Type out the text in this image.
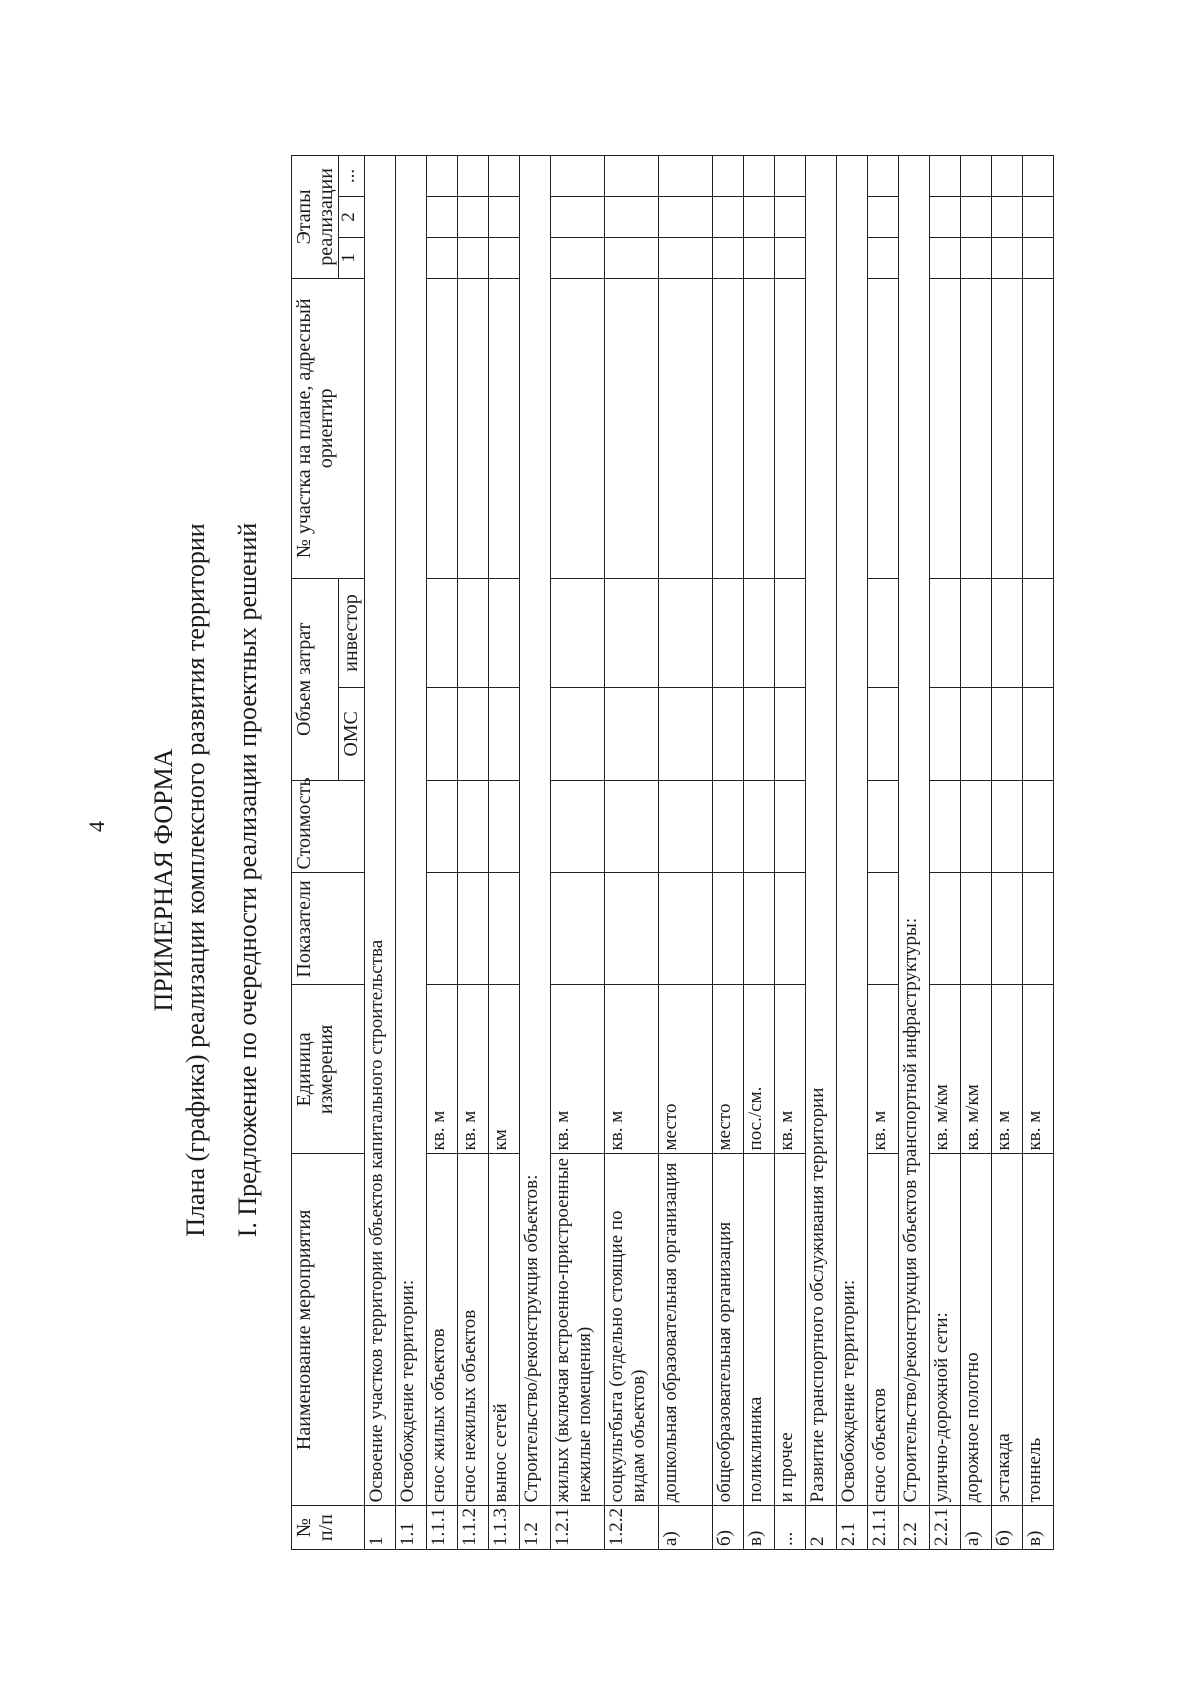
4 ПРИМЕРНАЯ ФОРМА Плана (графика) реализации комплексного развития территории I. Предложение по очередности реализации проектных решений

№ п/п	Наименование мероприятия	Единица измерения	Показатели	Стоимость	Объем затрат		№ участка на плане, адресный ориентир	Этапы реализации		
					ОМС	инвестор		1	2	...
1	Освоение участков территории объектов капитального строительства									
1.1	Освобождение территории:									
1.1.1	снос жилых объектов	кв. м								
1.1.2	снос нежилых объектов	кв. м								
1.1.3	вынос сетей	км								
1.2	Строительство/реконструкция объектов:									
1.2.1	жилых (включая встроенно-пристроенные нежилые помещения)	кв. м								
1.2.2	соцкультбыта (отдельно стоящие по видам объектов)	кв. м								
а)	дошкольная образовательная организация	место								
б)	общеобразовательная организация	место								
в)	поликлиника	пос./см.								
...	и прочее	кв. м								
2	Развитие транспортного обслуживания территории									
2.1	Освобождение территории:									
2.1.1	снос объектов	кв. м								
2.2	Строительство/реконструкция объектов транспортной инфраструктуры:									
2.2.1	улично-дорожной сети:	кв. м/км								
а)	дорожное полотно	кв. м/км								
б)	эстакада	кв. м								
в)	тоннель	кв. м								
